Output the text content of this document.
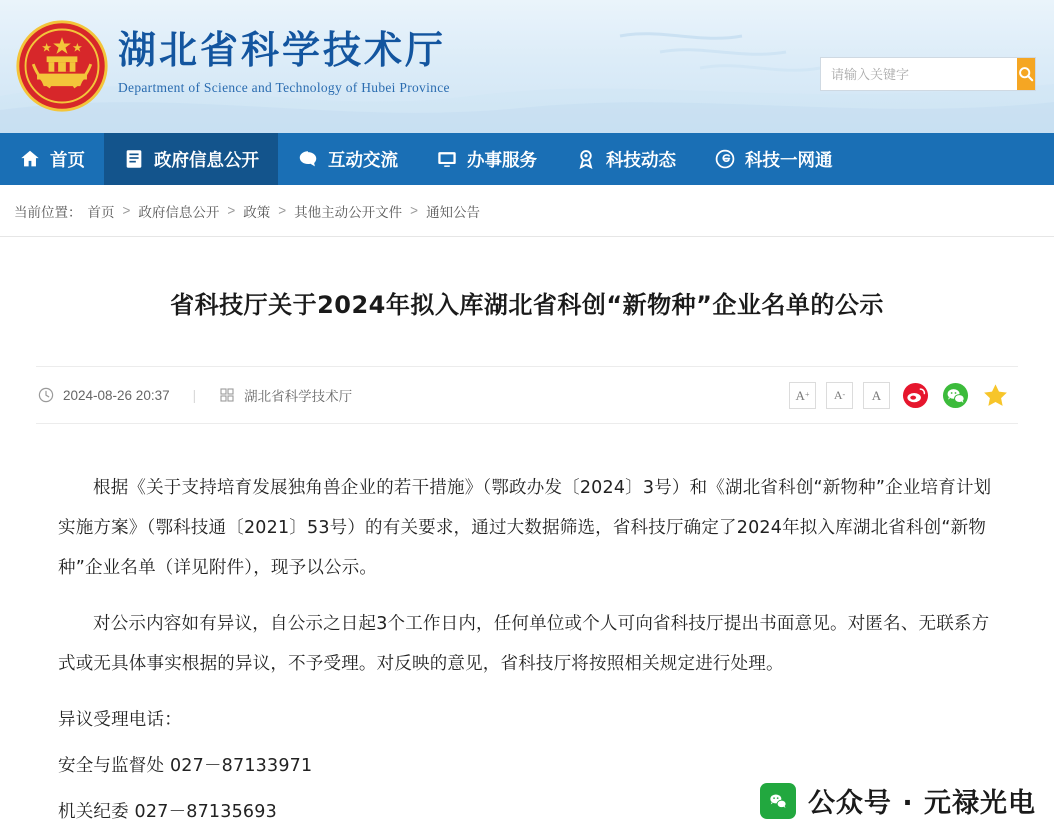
湖北省科学技术厅
Department of Science and Technology of Hubei Province
请输入关键字
首页	政府信息公开	互动交流	办事服务	科技动态	科技一网通
当前位置： 首页 > 政府信息公开 > 政策 > 其他主动公开文件 > 通知公告
省科技厅关于2024年拟入库湖北省科创“新物种”企业名单的公示
2024-08-26 20:37 |	湖北省科学技术厅	A + A - A

根据《关于支持培育发展独角兽企业的若干措施》（鄂政办发〔2024〕3号）和《湖北省科创“新物种”企业培育计划实施方案》（鄂科技通〔2021〕53号）的有关要求，通过大数据筛选，省科技厅确定了2024年拟入库湖北省科创“新物种”企业名单（详见附件），现予以公示。

对公示内容如有异议，自公示之日起3个工作日内，任何单位或个人可向省科技厅提出书面意见。对匿名、无联系方式或无具体事实根据的异议，不予受理。对反映的意见，省科技厅将按照相关规定进行处理。

异议受理电话：

安全与监督处 027－87133971

机关纪委 027－87135693	公众号 · 元禄光电
